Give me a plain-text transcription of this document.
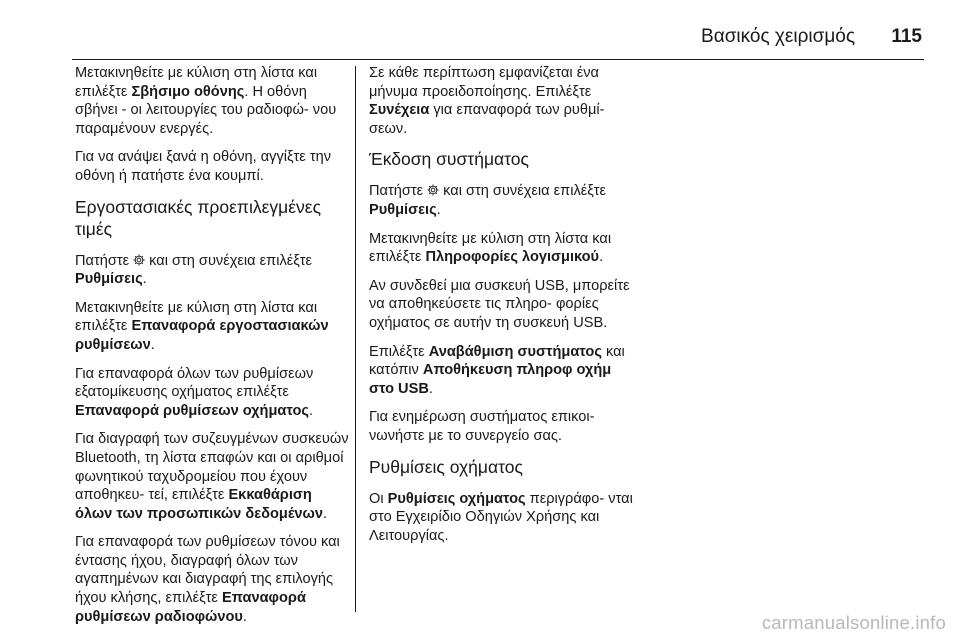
Βασικός χειρισμός 115

Μετακινηθείτε με κύλιση στη λίστα και επιλέξτε Σβήσιμο οθόνης. Η οθόνη σβήνει - οι λειτουργίες του ραδιοφώ‐ νου παραμένουν ενεργές.

Για να ανάψει ξανά η οθόνη, αγγίξτε την οθόνη ή πατήστε ένα κουμπί.

Εργοστασιακές προεπιλεγμένες τιμές

Πατήστε και στη συνέχεια επιλέξτε Ρυθμίσεις.

Μετακινηθείτε με κύλιση στη λίστα και επιλέξτε Επαναφορά εργοστασιακών ρυθμίσεων.

Για επαναφορά όλων των ρυθμίσεων εξατομίκευσης οχήματος επιλέξτε Επαναφορά ρυθμίσεων οχήματος.

Για διαγραφή των συζευγμένων συσκευών Bluetooth, τη λίστα επαφών και οι αριθμοί φωνητικού ταχυδρομείου που έχουν αποθηκευ‐ τεί, επιλέξτε Εκκαθάριση όλων των προσωπικών δεδομένων.

Για επαναφορά των ρυθμίσεων τόνου και έντασης ήχου, διαγραφή όλων των αγαπημένων και διαγραφή της επιλογής ήχου κλήσης, επιλέξτε Επαναφορά ρυθμίσεων ραδιοφώνου.

Σε κάθε περίπτωση εμφανίζεται ένα μήνυμα προειδοποίησης. Επιλέξτε Συνέχεια για επαναφορά των ρυθμί‐ σεων.

Έκδοση συστήματος

Πατήστε και στη συνέχεια επιλέξτε Ρυθμίσεις.

Μετακινηθείτε με κύλιση στη λίστα και επιλέξτε Πληροφορίες λογισμικού.

Αν συνδεθεί μια συσκευή USB, μπορείτε να αποθηκεύσετε τις πληρο‐ φορίες οχήματος σε αυτήν τη συσκευή USB.

Επιλέξτε Αναβάθμιση συστήματος και κατόπιν Αποθήκευση πληροφ οχήμ στο USB.

Για ενημέρωση συστήματος επικοι‐ νωνήστε με το συνεργείο σας.

Ρυθμίσεις οχήματος

Οι Ρυθμίσεις οχήματος περιγράφο‐ νται στο Εγχειρίδιο Οδηγιών Χρήσης και Λειτουργίας.

carmanualsonline.info
